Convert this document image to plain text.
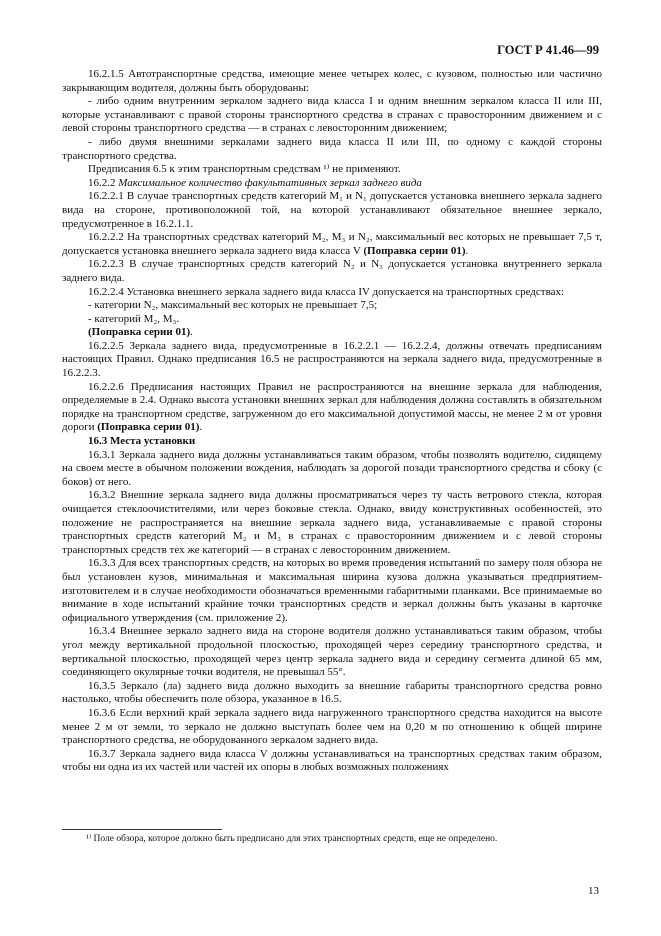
ГОСТ Р 41.46—99

16.2.1.5 Автотранспортные средства, имеющие менее четырех колес, с кузовом, полностью или частично закрывающим водителя, должны быть оборудованы:

- либо одним внутренним зеркалом заднего вида класса I и одним внешним зеркалом класса II или III, которые устанавливают с правой стороны транспортного средства в странах с правосторонним движением и с левой стороны транспортного средства — в странах с левосторонним движением;

- либо двумя внешними зеркалами заднего вида класса II или III, по одному с каждой стороны транспортного средства.

Предписания 6.5 к этим транспортным средствам ¹⁾ не применяют.

16.2.2 Максимальное количество факультативных зеркал заднего вида

16.2.2.1 В случае транспортных средств категорий M₁ и N₁ допускается установка внешнего зеркала заднего вида на стороне, противоположной той, на которой устанавливают обязательное внешнее зеркало, предусмотренное в 16.2.1.1.

16.2.2.2 На транспортных средствах категорий M₂, M₃ и N₂, максимальный вес которых не превышает 7,5 т, допускается установка внешнего зеркала заднего вида класса V (Поправка серии 01).

16.2.2.3 В случае транспортных средств категорий N₂ и N₃ допускается установка внутреннего зеркала заднего вида.

16.2.2.4 Установка внешнего зеркала заднего вида класса IV допускается на транспортных средствах:

- категории N₂, максимальный вес которых не превышает 7,5;

- категорий M₂, M₃.

(Поправка серии 01).

16.2.2.5 Зеркала заднего вида, предусмотренные в 16.2.2.1 — 16.2.2.4, должны отвечать предписаниям настоящих Правил. Однако предписания 16.5 не распространяются на зеркала заднего вида, предусмотренные в 16.2.2.3.

16.2.2.6 Предписания настоящих Правил не распространяются на внешние зеркала для наблюдения, определяемые в 2.4. Однако высота установки внешних зеркал для наблюдения должна составлять в обязательном порядке на транспортном средстве, загруженном до его максимальной допустимой массы, не менее 2 м от уровня дороги (Поправка серии 01).

16.3 Места установки

16.3.1 Зеркала заднего вида должны устанавливаться таким образом, чтобы позволять водителю, сидящему на своем месте в обычном положении вождения, наблюдать за дорогой позади транспортного средства и сбоку (с боков) от него.

16.3.2 Внешние зеркала заднего вида должны просматриваться через ту часть ветрового стекла, которая очищается стеклоочистителями, или через боковые стекла. Однако, ввиду конструктивных особенностей, это положение не распространяется на внешние зеркала заднего вида, устанавливаемые с правой стороны транспортных средств категорий M₂ и M₃ в странах с правосторонним движением и с левой стороны транспортных средств тех же категорий — в странах с левосторонним движением.

16.3.3 Для всех транспортных средств, на которых во время проведения испытаний по замеру поля обзора не был установлен кузов, минимальная и максимальная ширина кузова должна указываться предприятием-изготовителем и в случае необходимости обозначаться временными габаритными планками. Все принимаемые во внимание в ходе испытаний крайние точки транспортных средств и зеркал должны быть указаны в карточке официального утверждения (см. приложение 2).

16.3.4 Внешнее зеркало заднего вида на стороне водителя должно устанавливаться таким образом, чтобы угол между вертикальной продольной плоскостью, проходящей через середину транспортного средства, и вертикальной плоскостью, проходящей через центр зеркала заднего вида и середину сегмента длиной 65 мм, соединяющего окулярные точки водителя, не превышал 55°.

16.3.5 Зеркало (ла) заднего вида должно выходить за внешние габариты транспортного средства ровно настолько, чтобы обеспечить поле обзора, указанное в 16.5.

16.3.6 Если верхний край зеркала заднего вида нагруженного транспортного средства находится на высоте менее 2 м от земли, то зеркало не должно выступать более чем на 0,20 м по отношению к общей ширине транспортного средства, не оборудованного зеркалом заднего вида.

16.3.7 Зеркала заднего вида класса V должны устанавливаться на транспортных средствах таким образом, чтобы ни одна из их частей или частей их опоры в любых возможных положениях

¹⁾ Поле обзора, которое должно быть предписано для этих транспортных средств, еще не определено.
13
